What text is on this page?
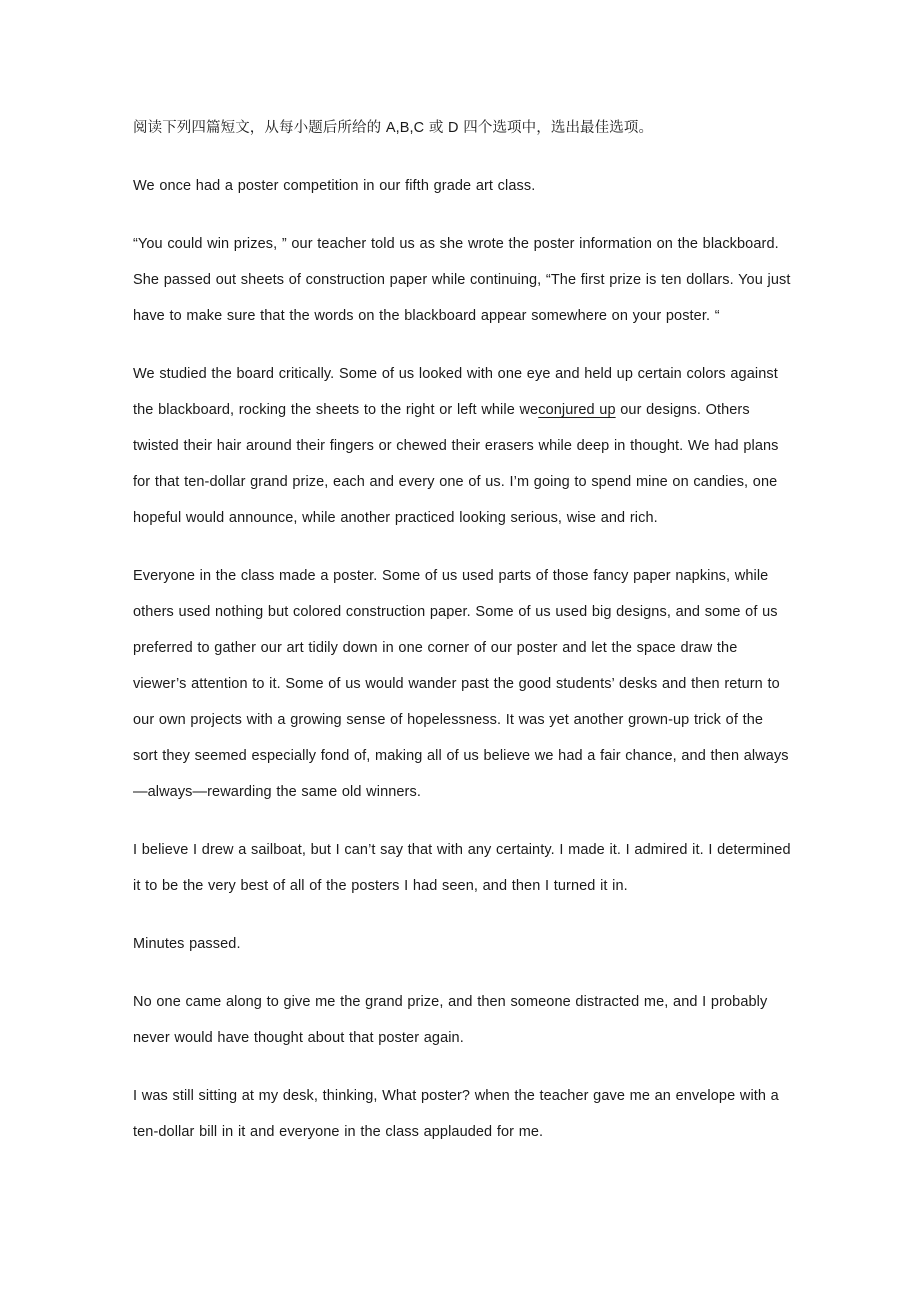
阅读下列四篇短文，从每小题后所给的 A,B,C 或 D 四个选项中，选出最佳选项。

We once had a poster competition in our fifth grade art class.

“You could win prizes, ” our teacher told us as she wrote the poster information on the blackboard. She passed out sheets of construction paper while continuing, “The first prize is ten dollars. You just have to make sure that the words on the blackboard appear somewhere on your poster. “

We studied the board critically. Some of us looked with one eye and held up certain colors against the blackboard, rocking the sheets to the right or left while weconjured up our designs. Others twisted their hair around their fingers or chewed their erasers while deep in thought. We had plans for that ten-dollar grand prize, each and every one of us. I’m going to spend mine on candies, one hopeful would announce, while another practiced looking serious, wise and rich.

Everyone in the class made a poster. Some of us used parts of those fancy paper napkins, while others used nothing but colored construction paper. Some of us used big designs, and some of us preferred to gather our art tidily down in one corner of our poster and let the space draw the viewer’s attention to it. Some of us would wander past the good students’ desks and then return to our own projects with a growing sense of hopelessness. It was yet another grown-up trick of the sort they seemed especially fond of, making all of us believe we had a fair chance, and then always—always—rewarding the same old winners.

I believe I drew a sailboat, but I can’t say that with any certainty. I made it. I admired it. I determined it to be the very best of all of the posters I had seen, and then I turned it in.

Minutes passed.

No one came along to give me the grand prize, and then someone distracted me, and I probably never would have thought about that poster again.

I was still sitting at my desk, thinking, What poster? when the teacher gave me an envelope with a ten-dollar bill in it and everyone in the class applauded for me.
